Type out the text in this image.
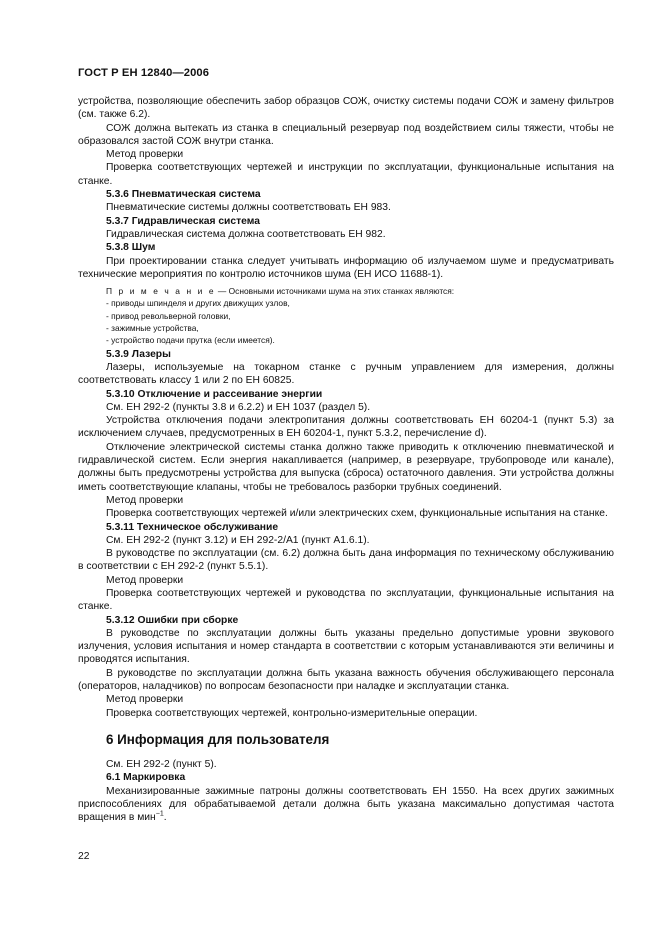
ГОСТ Р ЕН 12840—2006

устройства, позволяющие обеспечить забор образцов СОЖ, очистку системы подачи СОЖ и замену фильтров (см. также 6.2).

СОЖ должна вытекать из станка в специальный резервуар под воздействием силы тяжести, чтобы не образовался застой СОЖ внутри станка.

Метод проверки

Проверка соответствующих чертежей и инструкции по эксплуатации, функциональные испытания на станке.

5.3.6 Пневматическая система

Пневматические системы должны соответствовать ЕН 983.

5.3.7 Гидравлическая система

Гидравлическая система должна соответствовать ЕН 982.

5.3.8 Шум

При проектировании станка следует учитывать информацию об излучаемом шуме и предусматривать технические мероприятия по контролю источников шума (ЕН ИСО 11688-1).

П р и м е ч а н и е — Основными источниками шума на этих станках являются:
- приводы шпинделя и других движущих узлов,
- привод револьверной головки,
- зажимные устройства,
- устройство подачи прутка (если имеется).

5.3.9 Лазеры

Лазеры, используемые на токарном станке с ручным управлением для измерения, должны соответствовать классу 1 или 2 по ЕН 60825.

5.3.10 Отключение и рассеивание энергии

См. ЕН 292-2 (пункты 3.8 и 6.2.2) и ЕН 1037 (раздел 5).

Устройства отключения подачи электропитания должны соответствовать ЕН 60204-1 (пункт 5.3) за исключением случаев, предусмотренных в ЕН 60204-1, пункт 5.3.2, перечисление d).

Отключение электрической системы станка должно также приводить к отключению пневматической и гидравлической систем. Если энергия накапливается (например, в резервуаре, трубопроводе или канале), должны быть предусмотрены устройства для выпуска (сброса) остаточного давления. Эти устройства должны иметь соответствующие клапаны, чтобы не требовалось разборки трубных соединений.

Метод проверки

Проверка соответствующих чертежей и/или электрических схем, функциональные испытания на станке.

5.3.11 Техническое обслуживание

См. ЕН 292-2 (пункт 3.12) и ЕН 292-2/А1 (пункт А1.6.1).

В руководстве по эксплуатации (см. 6.2) должна быть дана информация по техническому обслуживанию в соответствии с ЕН 292-2 (пункт 5.5.1).

Метод проверки

Проверка соответствующих чертежей и руководства по эксплуатации, функциональные испытания на станке.

5.3.12 Ошибки при сборке

В руководстве по эксплуатации должны быть указаны предельно допустимые уровни звукового излучения, условия испытания и номер стандарта в соответствии с которым устанавливаются эти величины и проводятся испытания.

В руководстве по эксплуатации должна быть указана важность обучения обслуживающего персонала (операторов, наладчиков) по вопросам безопасности при наладке и эксплуатации станка.

Метод проверки

Проверка соответствующих чертежей, контрольно-измерительные операции.

6 Информация для пользователя

См. ЕН 292-2 (пункт 5).

6.1 Маркировка

Механизированные зажимные патроны должны соответствовать ЕН 1550. На всех других зажимных приспособлениях для обрабатываемой детали должна быть указана максимально допустимая частота вращения в мин$^{-1}$.

22
